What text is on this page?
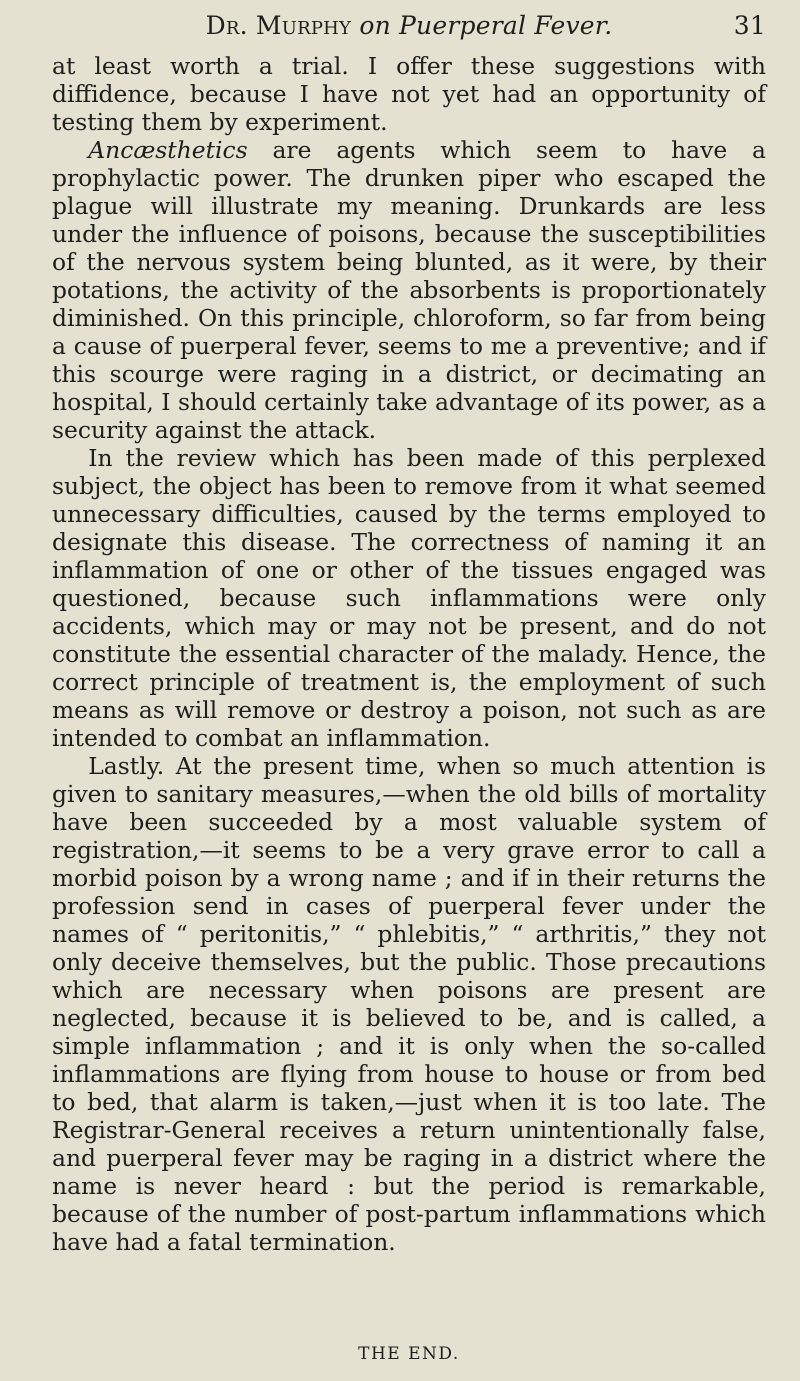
Dr. Murphy on Puerperal Fever.	31

at least worth a trial. I offer these suggestions with diffidence, because I have not yet had an opportunity of testing them by experiment.

Ancæsthetics are agents which seem to have a prophylactic power. The drunken piper who escaped the plague will illustrate my meaning. Drunkards are less under the influence of poisons, because the susceptibilities of the nervous system being blunted, as it were, by their potations, the activity of the absorbents is proportionately diminished. On this principle, chloroform, so far from being a cause of puerperal fever, seems to me a preventive; and if this scourge were raging in a district, or decimating an hospital, I should certainly take advantage of its power, as a security against the attack.

In the review which has been made of this perplexed subject, the object has been to remove from it what seemed unnecessary difficulties, caused by the terms employed to designate this disease. The correctness of naming it an inflammation of one or other of the tissues engaged was questioned, because such inflammations were only accidents, which may or may not be present, and do not constitute the essential character of the malady. Hence, the correct principle of treatment is, the employment of such means as will remove or destroy a poison, not such as are intended to combat an inflammation.

Lastly. At the present time, when so much attention is given to sanitary measures,—when the old bills of mortality have been succeeded by a most valuable system of registration,—it seems to be a very grave error to call a morbid poison by a wrong name ; and if in their returns the profession send in cases of puerperal fever under the names of “ peritonitis,” “ phlebitis,” “ arthritis,” they not only deceive themselves, but the public. Those precautions which are necessary when poisons are present are neglected, because it is believed to be, and is called, a simple inflammation ; and it is only when the so-called inflammations are flying from house to house or from bed to bed, that alarm is taken,—just when it is too late. The Registrar-General receives a return unintentionally false, and puerperal fever may be raging in a district where the name is never heard : but the period is remarkable, because of the number of post-partum inflammations which have had a fatal termination.

THE END.
